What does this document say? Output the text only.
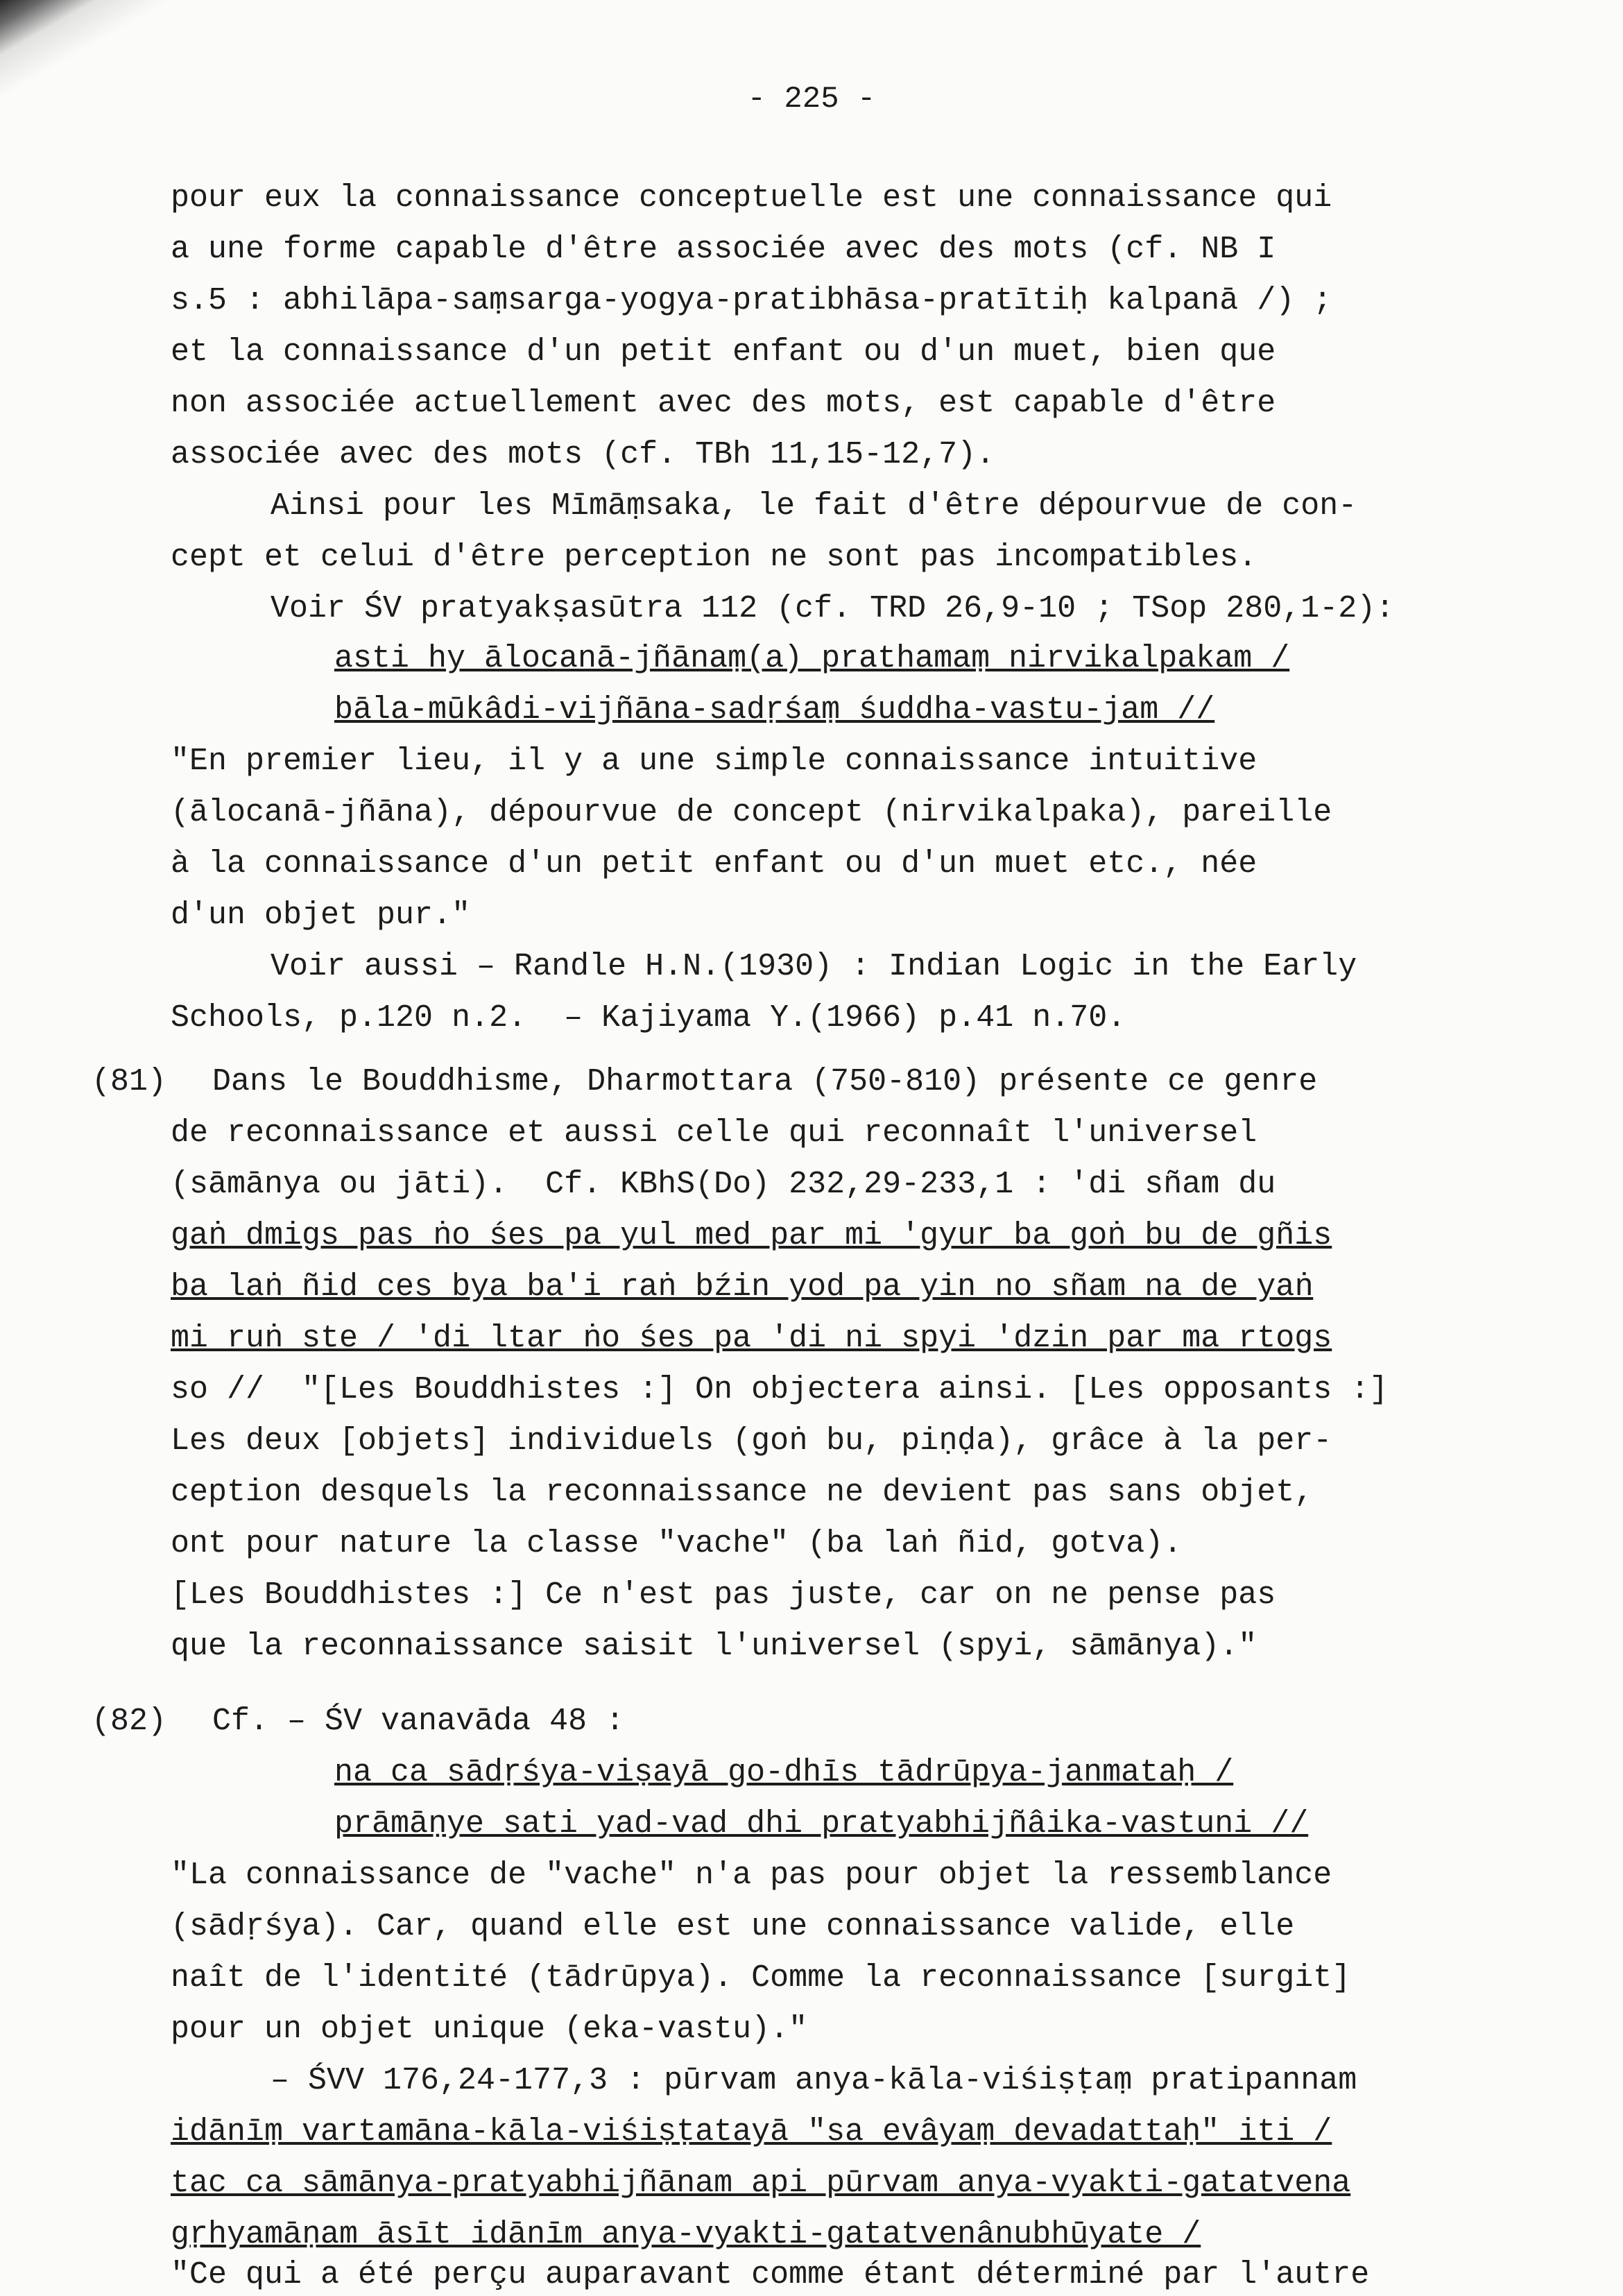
- 225 -
pour eux la connaissance conceptuelle est une connaissance qui
a une forme capable d'être associée avec des mots (cf. NB I
s.5 : abhilāpa-saṃsarga-yogya-pratibhāsa-pratītiḥ kalpanā /) ;
et la connaissance d'un petit enfant ou d'un muet, bien que
non associée actuellement avec des mots, est capable d'être
associée avec des mots (cf. TBh 11,15-12,7).
Ainsi pour les Mīmāṃsaka, le fait d'être dépourvue de con-
cept et celui d'être perception ne sont pas incompatibles.
Voir ŚV pratyakṣasūtra 112 (cf. TRD 26,9-10 ; TSop 280,1-2):
asti hy ālocanā-jñānaṃ(a) prathamaṃ nirvikalpakam /
bāla-mūkâdi-vijñāna-sadṛśaṃ śuddha-vastu-jam //
"En premier lieu, il y a une simple connaissance intuitive
(ālocanā-jñāna), dépourvue de concept (nirvikalpaka), pareille
à la connaissance d'un petit enfant ou d'un muet etc., née
d'un objet pur."
Voir aussi – Randle H.N.(1930) : Indian Logic in the Early
Schools, p.120 n.2.  – Kajiyama Y.(1966) p.41 n.70.
(81) Dans le Bouddhisme, Dharmottara (750-810) présente ce genre
de reconnaissance et aussi celle qui reconnaît l'universel
(sāmānya ou jāti).  Cf. KBhS(Do) 232,29-233,1 : 'di sñam du
gaṅ dmigs pas ṅo śes pa yul med par mi 'gyur ba goṅ bu de gñis
ba laṅ ñid ces bya ba'i raṅ bźin yod pa yin no sñam na de yaṅ
mi ruṅ ste / 'di ltar ṅo śes pa 'di ni spyi 'dzin par ma rtogs
so //  "[Les Bouddhistes :] On objectera ainsi. [Les opposants :]
Les deux [objets] individuels (goṅ bu, piṇḍa), grâce à la per-
ception desquels la reconnaissance ne devient pas sans objet,
ont pour nature la classe "vache" (ba laṅ ñid, gotva).
[Les Bouddhistes :] Ce n'est pas juste, car on ne pense pas
que la reconnaissance saisit l'universel (spyi, sāmānya)."
(82) Cf. – ŚV vanavāda 48 :
na ca sādṛśya-viṣayā go-dhīs tādrūpya-janmataḥ /
prāmāṇye sati yad-vad dhi pratyabhijñâika-vastuni //
"La connaissance de "vache" n'a pas pour objet la ressemblance
(sādṛśya). Car, quand elle est une connaissance valide, elle
naît de l'identité (tādrūpya). Comme la reconnaissance [surgit]
pour un objet unique (eka-vastu)."
– ŚVV 176,24-177,3 : pūrvam anya-kāla-viśiṣṭaṃ pratipannam
idānīṃ vartamāna-kāla-viśiṣṭatayā "sa evâyaṃ devadattaḥ" iti /
tac ca sāmānya-pratyabhijñānam api pūrvam anya-vyakti-gatatvena
gṛhyamāṇam āsīt idānīm anya-vyakti-gatatvenânubhūyate /
"Ce qui a été perçu auparavant comme étant déterminé par l'autre
